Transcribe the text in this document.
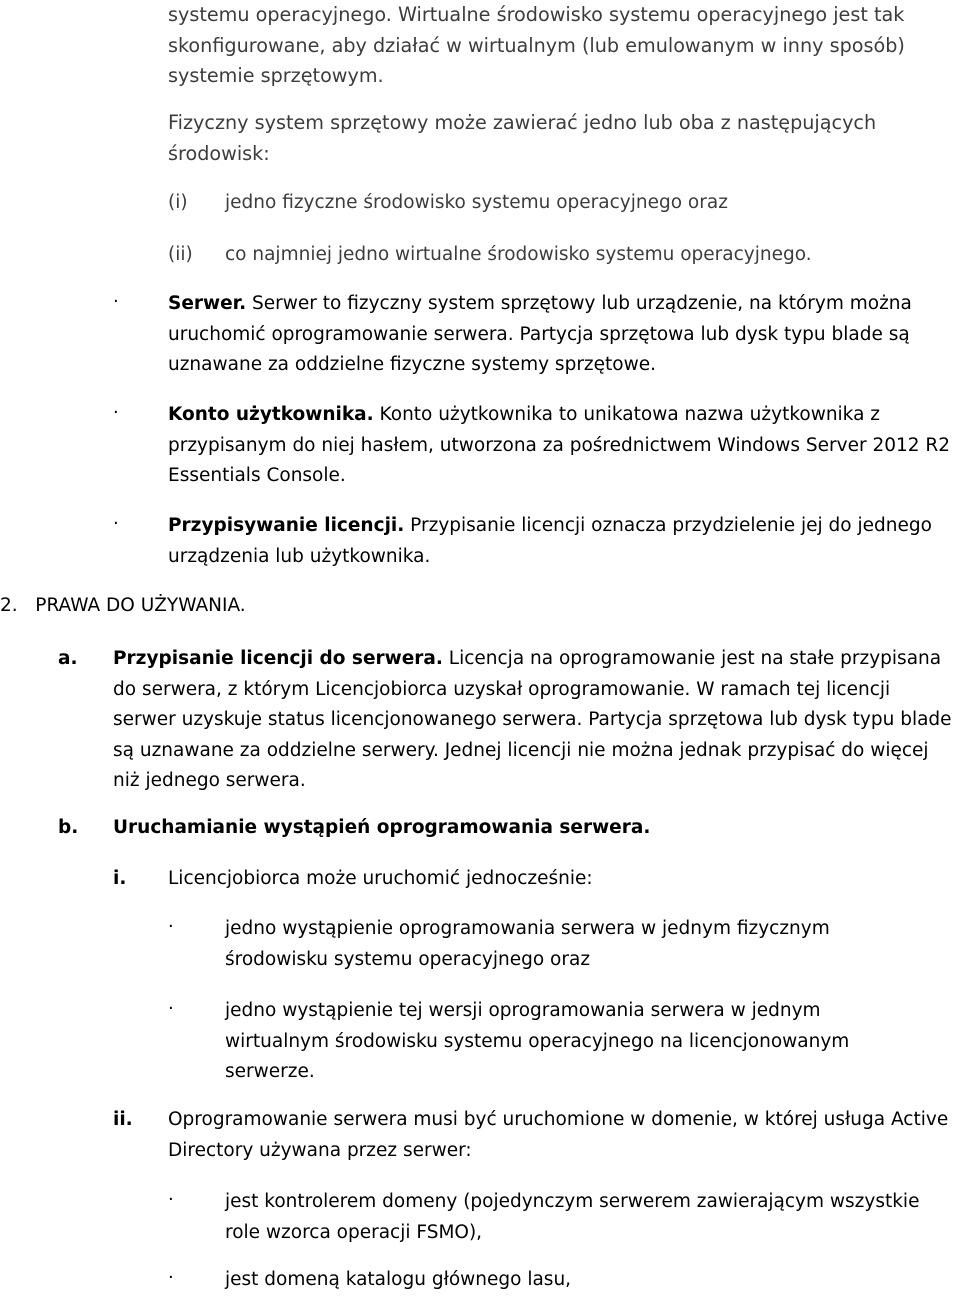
systemu operacyjnego. Wirtualne środowisko systemu operacyjnego jest tak skonfigurowane, aby działać w wirtualnym (lub emulowanym w inny sposób) systemie sprzętowym.

Fizyczny system sprzętowy może zawierać jedno lub oba z następujących środowisk:

(i) jedno fizyczne środowisko systemu operacyjnego oraz
(ii) co najmniej jedno wirtualne środowisko systemu operacyjnego.
·	Serwer. Serwer to fizyczny system sprzętowy lub urządzenie, na którym można uruchomić oprogramowanie serwera. Partycja sprzętowa lub dysk typu blade są uznawane za oddzielne fizyczne systemy sprzętowe.

·	Konto użytkownika. Konto użytkownika to unikatowa nazwa użytkownika z przypisanym do niej hasłem, utworzona za pośrednictwem Windows Server 2012 R2 Essentials Console.

·	Przypisywanie licencji. Przypisanie licencji oznacza przydzielenie jej do jednego urządzenia lub użytkownika.

2.   PRAWA DO UŻYWANIA.

a. Przypisanie licencji do serwera. Licencja na oprogramowanie jest na stałe przypisana do serwera, z którym Licencjobiorca uzyskał oprogramowanie. W ramach tej licencji serwer uzyskuje status licencjonowanego serwera. Partycja sprzętowa lub dysk typu blade są uznawane za oddzielne serwery. Jednej licencji nie można jednak przypisać do więcej niż jednego serwera.

b. Uruchamianie wystąpień oprogramowania serwera.
i. Licencjobiorca może uruchomić jednocześnie:
·	jedno wystąpienie oprogramowania serwera w jednym fizycznym środowisku systemu operacyjnego oraz

·	jedno wystąpienie tej wersji oprogramowania serwera w jednym wirtualnym środowisku systemu operacyjnego na licencjonowanym serwerze.

ii. Oprogramowanie serwera musi być uruchomione w domenie, w której usługa Active Directory używana przez serwer:

·	jest kontrolerem domeny (pojedynczym serwerem zawierającym wszystkie role wzorca operacji FSMO),

·	jest domeną katalogu głównego lasu,
